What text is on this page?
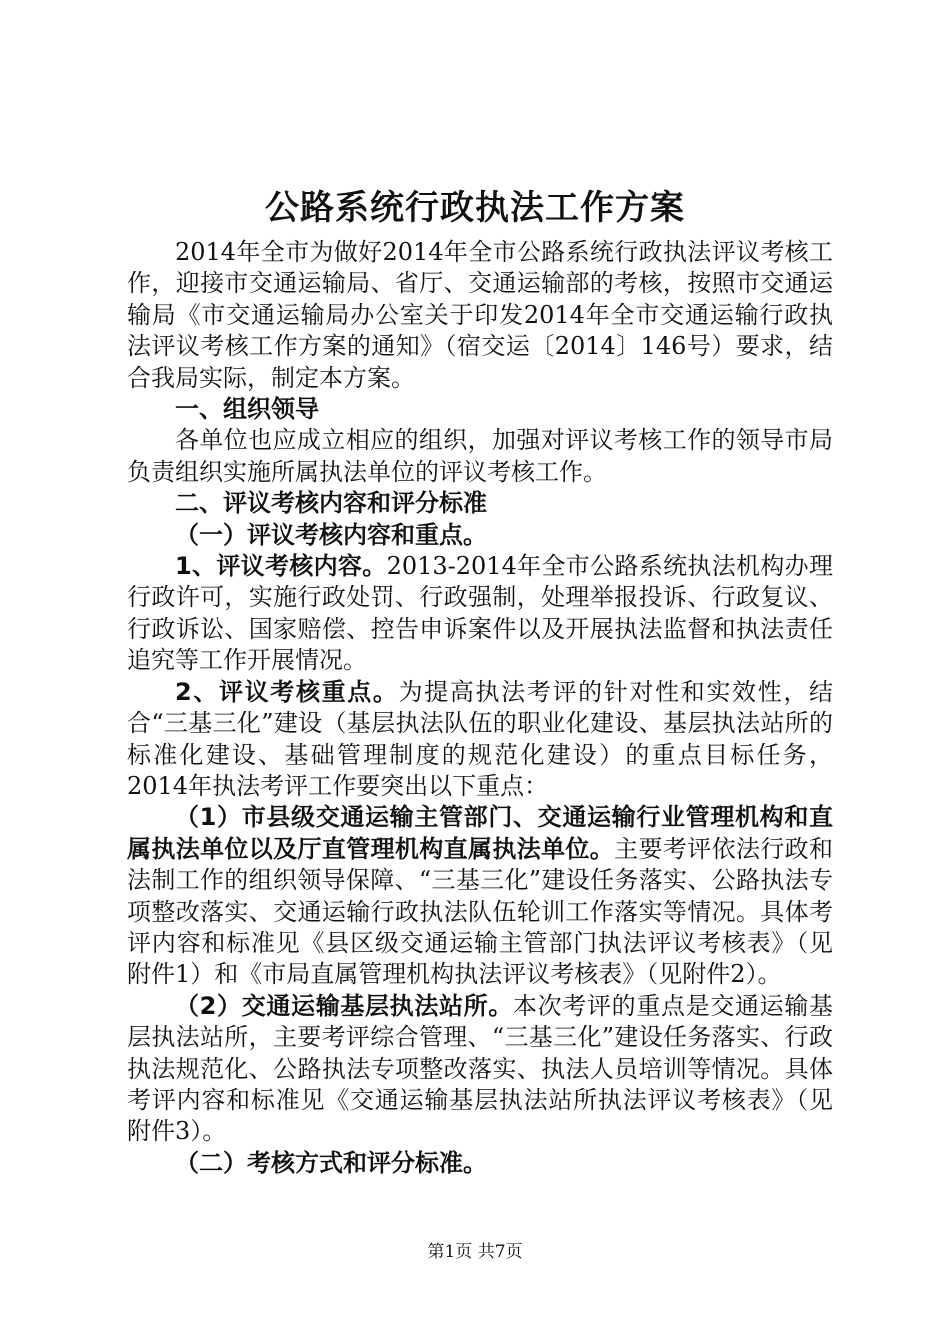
公路系统行政执法工作方案

2014年全市为做好2014年全市公路系统行政执法评议考核工作，迎接市交通运输局、省厅、交通运输部的考核，按照市交通运输局《市交通运输局办公室关于印发2014年全市交通运输行政执法评议考核工作方案的通知》（宿交运〔2014〕146号）要求，结合我局实际，制定本方案。

一、组织领导

各单位也应成立相应的组织，加强对评议考核工作的领导市局负责组织实施所属执法单位的评议考核工作。

二、评议考核内容和评分标准

（一）评议考核内容和重点。

1、评议考核内容。2013-2014年全市公路系统执法机构办理行政许可，实施行政处罚、行政强制，处理举报投诉、行政复议、行政诉讼、国家赔偿、控告申诉案件以及开展执法监督和执法责任追究等工作开展情况。

2、评议考核重点。为提高执法考评的针对性和实效性，结合“三基三化”建设（基层执法队伍的职业化建设、基层执法站所的标准化建设、基础管理制度的规范化建设）的重点目标任务，2014年执法考评工作要突出以下重点：

（1）市县级交通运输主管部门、交通运输行业管理机构和直属执法单位以及厅直管理机构直属执法单位。主要考评依法行政和法制工作的组织领导保障、“三基三化”建设任务落实、公路执法专项整改落实、交通运输行政执法队伍轮训工作落实等情况。具体考评内容和标准见《县区级交通运输主管部门执法评议考核表》（见附件1）和《市局直属管理机构执法评议考核表》（见附件2）。

（2）交通运输基层执法站所。本次考评的重点是交通运输基层执法站所，主要考评综合管理、“三基三化”建设任务落实、行政执法规范化、公路执法专项整改落实、执法人员培训等情况。具体考评内容和标准见《交通运输基层执法站所执法评议考核表》（见附件3）。

（二）考核方式和评分标准。

第1页 共7页
